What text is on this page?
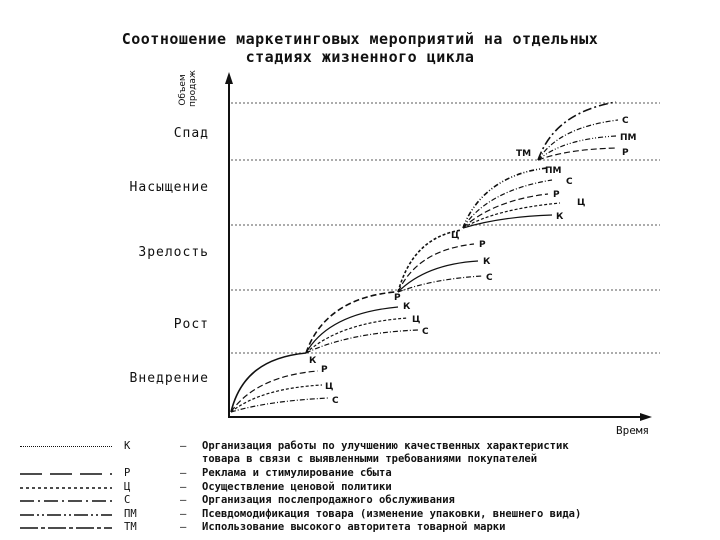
Соотношение маркетинговых мероприятий на отдельных
стадиях жизненного цикла
Объем продаж
Спад
Насыщение
Зрелость
Рост
Внедрение
Время
К
Р
Ц
С
Р
К
Ц
С
Ц
Р
К
С
ПМ
С
Р
Ц
К
ТМ
С
ПМ
Р
К	— Организация работы по улучшению качественных характеристик
товара в связи с выявленными требованиями покупателей
Р	— Реклама и стимулирование сбыта
Ц	— Осуществление ценовой политики
С	— Организация послепродажного обслуживания
ПМ	— Псевдомодификация товара (изменение упаковки, внешнего вида)
ТМ	— Использование высокого авторитета товарной марки
